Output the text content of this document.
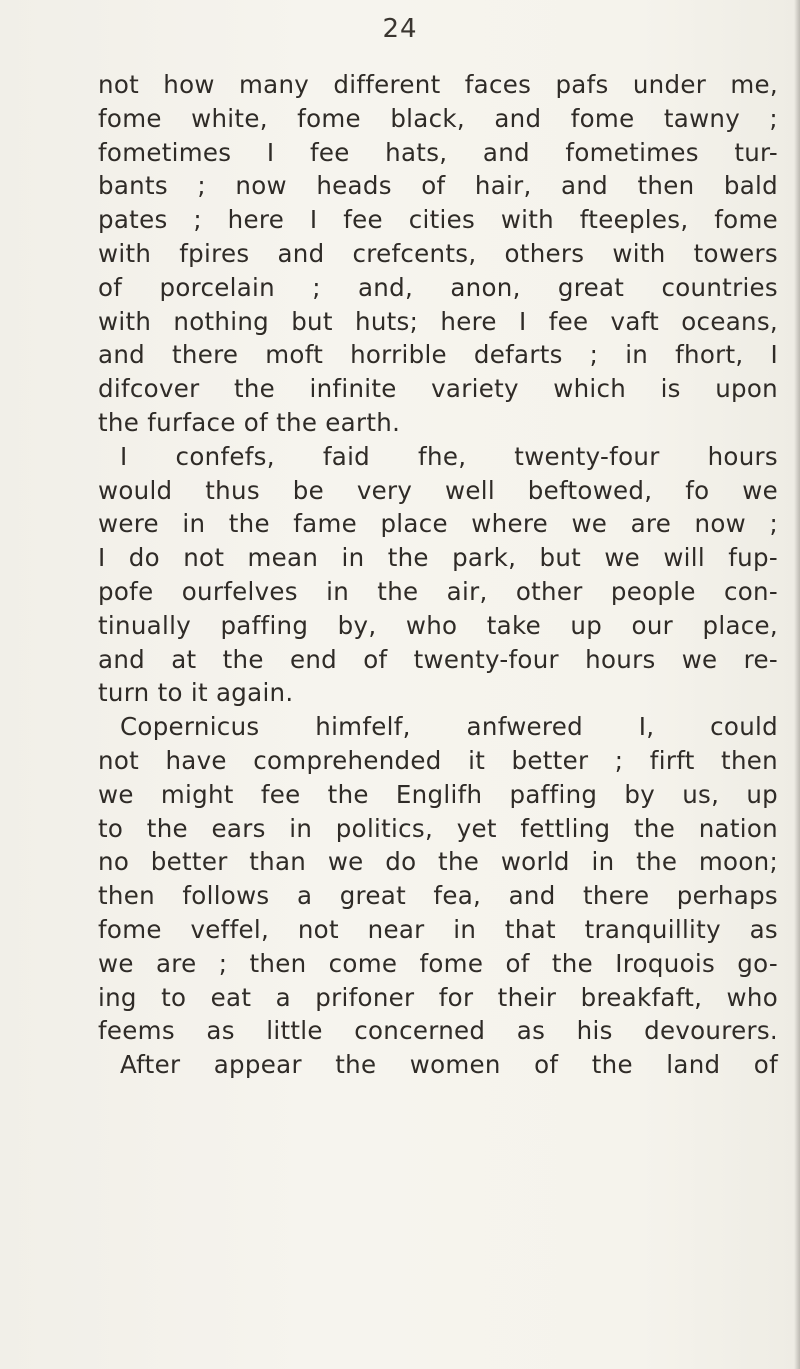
24
not how many different faces pafs under me,
fome white, fome black, and fome tawny ;
fometimes I fee hats, and fometimes tur-
bants ; now heads of hair, and then bald
pates ; here I fee cities with fteeples, fome
with fpires and crefcents, others with towers
of porcelain ; and, anon, great countries
with nothing but huts; here I fee vaft oceans,
and there moft horrible defarts ; in fhort, I
difcover the infinite variety which is upon
the furface of the earth.
I confefs, faid fhe, twenty-four hours
would thus be very well beftowed, fo we
were in the fame place where we are now ;
I do not mean in the park, but we will fup-
pofe ourfelves in the air, other people con-
tinually paffing by, who take up our place,
and at the end of twenty-four hours we re-
turn to it again.
Copernicus himfelf, anfwered I, could
not have comprehended it better ; firft then
we might fee the Englifh paffing by us, up
to the ears in politics, yet fettling the nation
no better than we do the world in the moon;
then follows a great fea, and there perhaps
fome veffel, not near in that tranquillity as
we are ; then come fome of the Iroquois go-
ing to eat a prifoner for their breakfaft, who
feems as little concerned as his devourers.
After appear the women of the land of
